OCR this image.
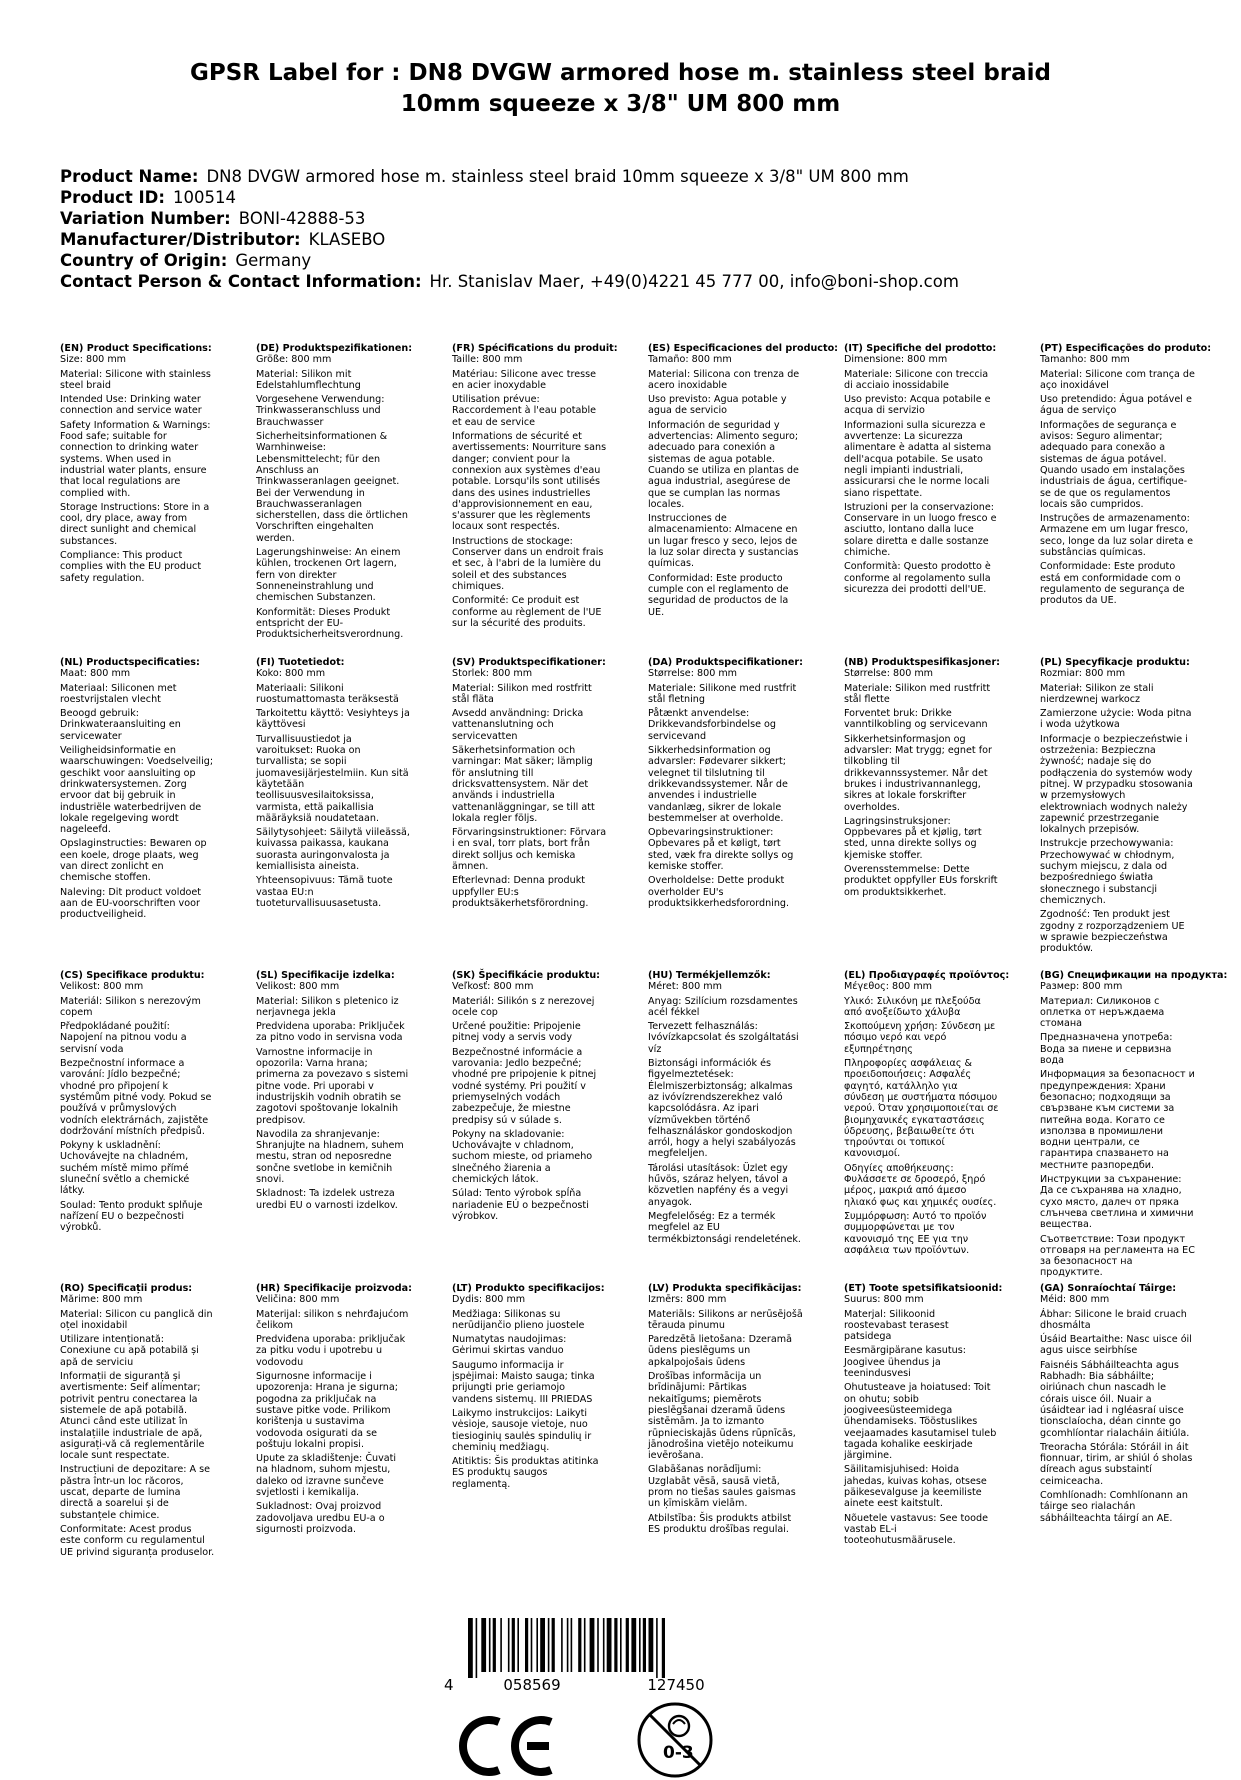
GPSR Label for : DN8 DVGW armored hose m. stainless steel braid
10mm squeeze x 3/8" UM 800 mm
Product Name: DN8 DVGW armored hose m. stainless steel braid 10mm squeeze x 3/8" UM 800 mm
Product ID: 100514
Variation Number: BONI-42888-53
Manufacturer/Distributor: KLASEBO
Country of Origin: Germany
Contact Person & Contact Information: Hr. Stanislav Maer, +49(0)4221 45 777 00, info@boni-shop.com
(EN) Product Specifications:
Size: 800 mm

Material: Silicone with stainless steel braid

Intended Use: Drinking water connection and service water

Safety Information & Warnings: Food safe; suitable for connection to drinking water systems. When used in industrial water plants, ensure that local regulations are complied with.

Storage Instructions: Store in a cool, dry place, away from direct sunlight and chemical substances.

Compliance: This product complies with the EU product safety regulation.

(DE) Produktspezifikationen:
Größe: 800 mm

Material: Silikon mit Edelstahlumflechtung

Vorgesehene Verwendung: Trinkwasseranschluss und Brauchwasser

Sicherheitsinformationen & Warnhinweise: Lebensmittelecht; für den Anschluss an Trinkwasseranlagen geeignet. Bei der Verwendung in Brauchwasseranlagen sicherstellen, dass die örtlichen Vorschriften eingehalten werden.

Lagerungshinweise: An einem kühlen, trockenen Ort lagern, fern von direkter Sonneneinstrahlung und chemischen Substanzen.

Konformität: Dieses Produkt entspricht der EU-Produktsicherheitsverordnung.

(FR) Spécifications du produit:
Taille: 800 mm

Matériau: Silicone avec tresse en acier inoxydable

Utilisation prévue: Raccordement à l'eau potable et eau de service

Informations de sécurité et avertissements: Nourriture sans danger; convient pour la connexion aux systèmes d'eau potable. Lorsqu'ils sont utilisés dans des usines industrielles d'approvisionnement en eau, s'assurer que les règlements locaux sont respectés.

Instructions de stockage: Conserver dans un endroit frais et sec, à l'abri de la lumière du soleil et des substances chimiques.

Conformité: Ce produit est conforme au règlement de l'UE sur la sécurité des produits.

(ES) Especificaciones del producto:
Tamaño: 800 mm

Material: Silicona con trenza de acero inoxidable

Uso previsto: Agua potable y agua de servicio

Información de seguridad y advertencias: Alimento seguro; adecuado para conexión a sistemas de agua potable. Cuando se utiliza en plantas de agua industrial, asegúrese de que se cumplan las normas locales.

Instrucciones de almacenamiento: Almacene en un lugar fresco y seco, lejos de la luz solar directa y sustancias químicas.

Conformidad: Este producto cumple con el reglamento de seguridad de productos de la UE.

(IT) Specifiche del prodotto:
Dimensione: 800 mm

Materiale: Silicone con treccia di acciaio inossidabile

Uso previsto: Acqua potabile e acqua di servizio

Informazioni sulla sicurezza e avvertenze: La sicurezza alimentare è adatta al sistema dell'acqua potabile. Se usato negli impianti industriali, assicurarsi che le norme locali siano rispettate.

Istruzioni per la conservazione: Conservare in un luogo fresco e asciutto, lontano dalla luce solare diretta e dalle sostanze chimiche.

Conformità: Questo prodotto è conforme al regolamento sulla sicurezza dei prodotti dell'UE.

(PT) Especificações do produto:
Tamanho: 800 mm

Material: Silicone com trança de aço inoxidável

Uso pretendido: Água potável e água de serviço

Informações de segurança e avisos: Seguro alimentar; adequado para conexão a sistemas de água potável. Quando usado em instalações industriais de água, certifique-se de que os regulamentos locais são cumpridos.

Instruções de armazenamento: Armazene em um lugar fresco, seco, longe da luz solar direta e substâncias químicas.

Conformidade: Este produto está em conformidade com o regulamento de segurança de produtos da UE.

(NL) Productspecificaties:
Maat: 800 mm

Materiaal: Siliconen met roestvrijstalen vlecht

Beoogd gebruik: Drinkwateraansluiting en servicewater

Veiligheidsinformatie en waarschuwingen: Voedselveilig; geschikt voor aansluiting op drinkwatersystemen. Zorg ervoor dat bij gebruik in industriële waterbedrijven de lokale regelgeving wordt nageleefd.

Opslaginstructies: Bewaren op een koele, droge plaats, weg van direct zonlicht en chemische stoffen.

Naleving: Dit product voldoet aan de EU-voorschriften voor productveiligheid.

(FI) Tuotetiedot:
Koko: 800 mm

Materiaali: Silikoni ruostumattomasta teräksestä

Tarkoitettu käyttö: Vesiyhteys ja käyttövesi

Turvallisuustiedot ja varoitukset: Ruoka on turvallista; se sopii juomavesijärjestelmiin. Kun sitä käytetään teollisuusvesilaitoksissa, varmista, että paikallisia määräyksiä noudatetaan.

Säilytysohjeet: Säilytä viileässä, kuivassa paikassa, kaukana suorasta auringonvalosta ja kemiallisista aineista.

Yhteensopivuus: Tämä tuote vastaa EU:n tuoteturvallisuusasetusta.

(SV) Produktspecifikationer:
Storlek: 800 mm

Material: Silikon med rostfritt stål fläta

Avsedd användning: Dricka vattenanslutning och servicevatten

Säkerhetsinformation och varningar: Mat säker; lämplig för anslutning till dricksvattensystem. När det används i industriella vattenanläggningar, se till att lokala regler följs.

Förvaringsinstruktioner: Förvara i en sval, torr plats, bort från direkt solljus och kemiska ämnen.

Efterlevnad: Denna produkt uppfyller EU:s produktsäkerhetsförordning.

(DA) Produktspecifikationer:
Størrelse: 800 mm

Materiale: Silikone med rustfrit stål fletning

Påtænkt anvendelse: Drikkevandsforbindelse og servicevand

Sikkerhedsinformation og advarsler: Fødevarer sikkert; velegnet til tilslutning til drikkevandssystemer. Når de anvendes i industrielle vandanlæg, sikrer de lokale bestemmelser at overholde.

Opbevaringsinstruktioner: Opbevares på et køligt, tørt sted, væk fra direkte sollys og kemiske stoffer.

Overholdelse: Dette produkt overholder EU's produktsikkerhedsforordning.

(NB) Produktspesifikasjoner:
Størrelse: 800 mm

Materiale: Silikon med rustfritt stål flette

Forventet bruk: Drikke vanntilkobling og servicevann

Sikkerhetsinformasjon og advarsler: Mat trygg; egnet for tilkobling til drikkevannssystemer. Når det brukes i industrivannanlegg, sikres at lokale forskrifter overholdes.

Lagringsinstruksjoner: Oppbevares på et kjølig, tørt sted, unna direkte sollys og kjemiske stoffer.

Overensstemmelse: Dette produktet oppfyller EUs forskrift om produktsikkerhet.

(PL) Specyfikacje produktu:
Rozmiar: 800 mm

Materiał: Silikon ze stali nierdzewnej warkocz

Zamierzone użycie: Woda pitna i woda użytkowa

Informacje o bezpieczeństwie i ostrzeżenia: Bezpieczna żywność; nadaje się do podłączenia do systemów wody pitnej. W przypadku stosowania w przemysłowych elektrowniach wodnych należy zapewnić przestrzeganie lokalnych przepisów.

Instrukcje przechowywania: Przechowywać w chłodnym, suchym miejscu, z dala od bezpośredniego światła słonecznego i substancji chemicznych.

Zgodność: Ten produkt jest zgodny z rozporządzeniem UE w sprawie bezpieczeństwa produktów.

(CS) Specifikace produktu:
Velikost: 800 mm

Materiál: Silikon s nerezovým copem

Předpokládané použití: Napojení na pitnou vodu a servisní voda

Bezpečnostní informace a varování: Jídlo bezpečné; vhodné pro připojení k systémům pitné vody. Pokud se používá v průmyslových vodních elektrárnách, zajistěte dodržování místních předpisů.

Pokyny k uskladnění: Uchovávejte na chladném, suchém místě mimo přímé sluneční světlo a chemické látky.

Soulad: Tento produkt splňuje nařízení EU o bezpečnosti výrobků.

(SL) Specifikacije izdelka:
Velikost: 800 mm

Material: Silikon s pletenico iz nerjavnega jekla

Predvidena uporaba: Priključek za pitno vodo in servisna voda

Varnostne informacije in opozorila: Varna hrana; primerna za povezavo s sistemi pitne vode. Pri uporabi v industrijskih vodnih obratih se zagotovi spoštovanje lokalnih predpisov.

Navodila za shranjevanje: Shranjujte na hladnem, suhem mestu, stran od neposredne sončne svetlobe in kemičnih snovi.

Skladnost: Ta izdelek ustreza uredbi EU o varnosti izdelkov.

(SK) Špecifikácie produktu:
Veľkosť: 800 mm

Materiál: Silikón s z nerezovej ocele cop

Určené použitie: Pripojenie pitnej vody a servis vody

Bezpečnostné informácie a varovania: Jedlo bezpečné; vhodné pre pripojenie k pitnej vodné systémy. Pri použití v priemyselných vodách zabezpečuje, že miestne predpisy sú v súlade s.

Pokyny na skladovanie: Uchovávajte v chladnom, suchom mieste, od priameho slnečného žiarenia a chemických látok.

Súlad: Tento výrobok spĺňa nariadenie EÚ o bezpečnosti výrobkov.

(HU) Termékjellemzők:
Méret: 800 mm

Anyag: Szilícium rozsdamentes acél fékkel

Tervezett felhasználás: Ivóvízkapcsolat és szolgáltatási víz

Biztonsági információk és figyelmeztetések: Élelmiszerbiztonság; alkalmas az ivóvízrendszerekhez való kapcsolódásra. Az ipari vízművekben történő felhasználáskor gondoskodjon arról, hogy a helyi szabályozás megfeleljen.

Tárolási utasítások: Üzlet egy hűvös, száraz helyen, távol a közvetlen napfény és a vegyi anyagok.

Megfelelőség: Ez a termék megfelel az EU termékbiztonsági rendeletének.

(EL) Προδιαγραφές προϊόντος:
Μέγεθος: 800 mm

Υλικό: Σιλικόνη με πλεξούδα από ανοξείδωτο χάλυβα

Σκοπούμενη χρήση: Σύνδεση με πόσιμο νερό και νερό εξυπηρέτησης

Πληροφορίες ασφάλειας & προειδοποιήσεις: Ασφαλές φαγητό, κατάλληλο για σύνδεση με συστήματα πόσιμου νερού. Όταν χρησιμοποιείται σε βιομηχανικές εγκαταστάσεις ύδρευσης, βεβαιωθείτε ότι τηρούνται οι τοπικοί κανονισμοί.

Οδηγίες αποθήκευσης: Φυλάσσετε σε δροσερό, ξηρό μέρος, μακριά από άμεσο ηλιακό φως και χημικές ουσίες.

Συμμόρφωση: Αυτό το προϊόν συμμορφώνεται με τον κανονισμό της ΕΕ για την ασφάλεια των προϊόντων.

(BG) Спецификации на продукта:
Размер: 800 mm

Материал: Силиконов с оплетка от неръждаема стомана

Предназначена употреба: Вода за пиене и сервизна вода

Информация за безопасност и предупреждения: Храни безопасно; подходящи за свързване към системи за питейна вода. Когато се използва в промишлени водни централи, се гарантира спазването на местните разпоредби.

Инструкции за съхранение: Да се съхранява на хладно, сухо място, далеч от пряка слънчева светлина и химични вещества.

Съответствие: Този продукт отговаря на регламента на ЕС за безопасност на продуктите.

(RO) Specificații produs:
Mărime: 800 mm

Material: Silicon cu panglică din oțel inoxidabil

Utilizare intenționată: Conexiune cu apă potabilă și apă de serviciu

Informații de siguranță și avertismente: Seif alimentar; potrivit pentru conectarea la sistemele de apă potabilă. Atunci când este utilizat în instalațiile industriale de apă, asigurați-vă că reglementările locale sunt respectate.

Instrucțiuni de depozitare: A se păstra într-un loc răcoros, uscat, departe de lumina directă a soarelui și de substanțele chimice.

Conformitate: Acest produs este conform cu regulamentul UE privind siguranța produselor.

(HR) Specifikacije proizvoda:
Veličina: 800 mm

Materijal: silikon s nehrđajućom čelikom

Predviđena uporaba: priključak za pitku vodu i upotrebu u vodovodu

Sigurnosne informacije i upozorenja: Hrana je sigurna; pogodna za priključak na sustave pitke vode. Prilikom korištenja u sustavima vodovoda osigurati da se poštuju lokalni propisi.

Upute za skladištenje: Čuvati na hladnom, suhom mjestu, daleko od izravne sunčeve svjetlosti i kemikalija.

Sukladnost: Ovaj proizvod zadovoljava uredbu EU-a o sigurnosti proizvoda.

(LT) Produkto specifikacijos:
Dydis: 800 mm

Medžiaga: Silikonas su nerūdijančio plieno juostele

Numatytas naudojimas: Gėrimui skirtas vanduo

Saugumo informacija ir įspėjimai: Maisto sauga; tinka prijungti prie geriamojo vandens sistemų. III PRIEDAS

Laikymo instrukcijos: Laikyti vėsioje, sausoje vietoje, nuo tiesioginių saulės spindulių ir cheminių medžiagų.

Atitiktis: Šis produktas atitinka ES produktų saugos reglamentą.

(LV) Produkta specifikācijas:
Izmērs: 800 mm

Materiāls: Silikons ar nerūsējošā tērauda pinumu

Paredzētā lietošana: Dzeramā ūdens pieslēgums un apkalpojošais ūdens

Drošības informācija un brīdinājumi: Pārtikas nekaitīgums; piemērots pieslēgšanai dzeramā ūdens sistēmām. Ja to izmanto rūpnieciskajās ūdens rūpnīcās, jānodrošina vietējo noteikumu ievērošana.

Glabāšanas norādījumi: Uzglabāt vēsā, sausā vietā, prom no tiešas saules gaismas un ķīmiskām vielām.

Atbilstība: Šis produkts atbilst ES produktu drošības regulai.

(ET) Toote spetsifikatsioonid:
Suurus: 800 mm

Materjal: Silikoonid roostevabast terasest patsidega

Eesmärgipärane kasutus: Joogivee ühendus ja teenindusvesi

Ohutusteave ja hoiatused: Toit on ohutu; sobib joogiveesüsteemidega ühendamiseks. Tööstuslikes veejaamades kasutamisel tuleb tagada kohalike eeskirjade järgimine.

Säilitamisjuhised: Hoida jahedas, kuivas kohas, otsese päikesevalguse ja keemiliste ainete eest kaitstult.

Nõuetele vastavus: See toode vastab EL-i tooteohutusmäärusele.

(GA) Sonraíochtaí Táirge:
Méid: 800 mm

Ábhar: Silicone le braid cruach dhosmálta

Úsáid Beartaithe: Nasc uisce óil agus uisce seirbhíse

Faisnéis Sábháilteachta agus Rabhadh: Bia sábháilte; oiriúnach chun nascadh le córais uisce óil. Nuair a úsáidtear iad i ngléasraí uisce tionsclaíocha, déan cinnte go gcomhlíontar rialacháin áitiúla.

Treoracha Stórála: Stóráil in áit fionnuar, tirim, ar shiúl ó sholas díreach agus substaintí ceimiceacha.

Comhlíonadh: Comhlíonann an táirge seo rialachán sábháilteachta táirgí an AE.

4	058569	127450
0-3
